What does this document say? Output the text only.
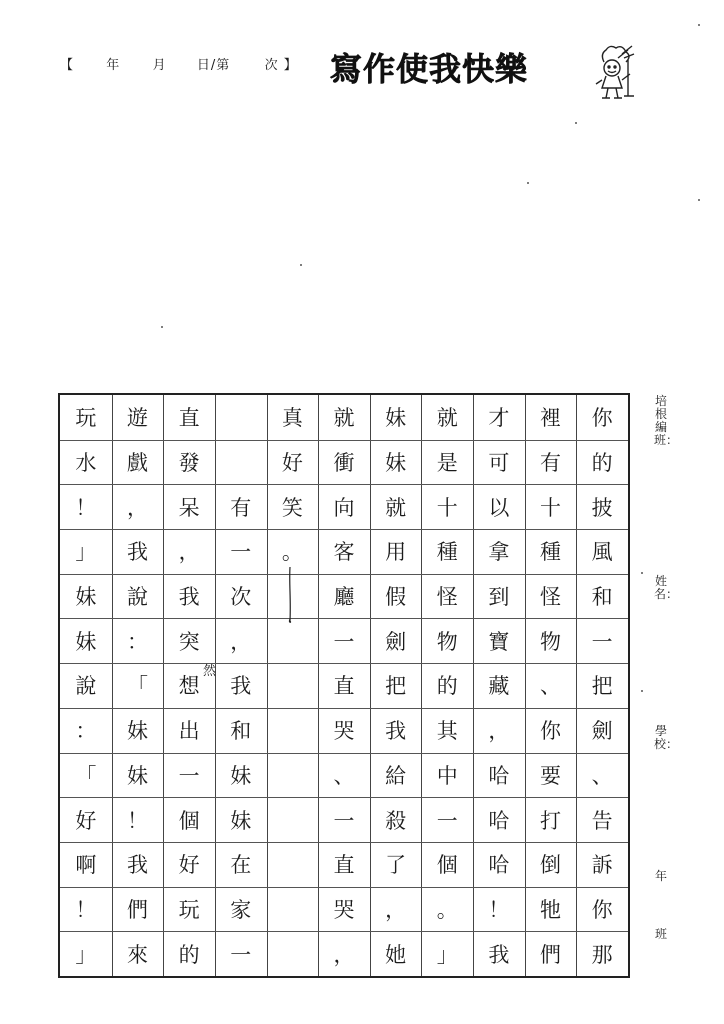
【 年 月 日/第	次 】 寫作使我快樂
你
的
披
風
和
一
把
劍
、
告
訴
你
那
裡
有
十
種
怪
物
、
你
要
打
倒
牠
們
才
可
以
拿
到
寶
藏
，
哈
哈
哈
！
我
就
是
十
種
怪
物
的
其
中
一
個
。
」
妹
妹
就
用
假
劍
把
我
給
殺
了
，
她
就
衝
向
客
廳
一
直
哭
、
一
直
哭
，
真
好
笑
。
有
一
次
，
我
和
妹
妹
在
家
一
直
發
呆
，
我
突
想
出
一
個
好
玩
的
遊
戲
，
我
說
：
「
妹
妹
！
我
們
來
玩
水
！
」
妹
妹
說
：
「
好
啊
！
」
然
培根編班：
姓名：
學校：
年
班
